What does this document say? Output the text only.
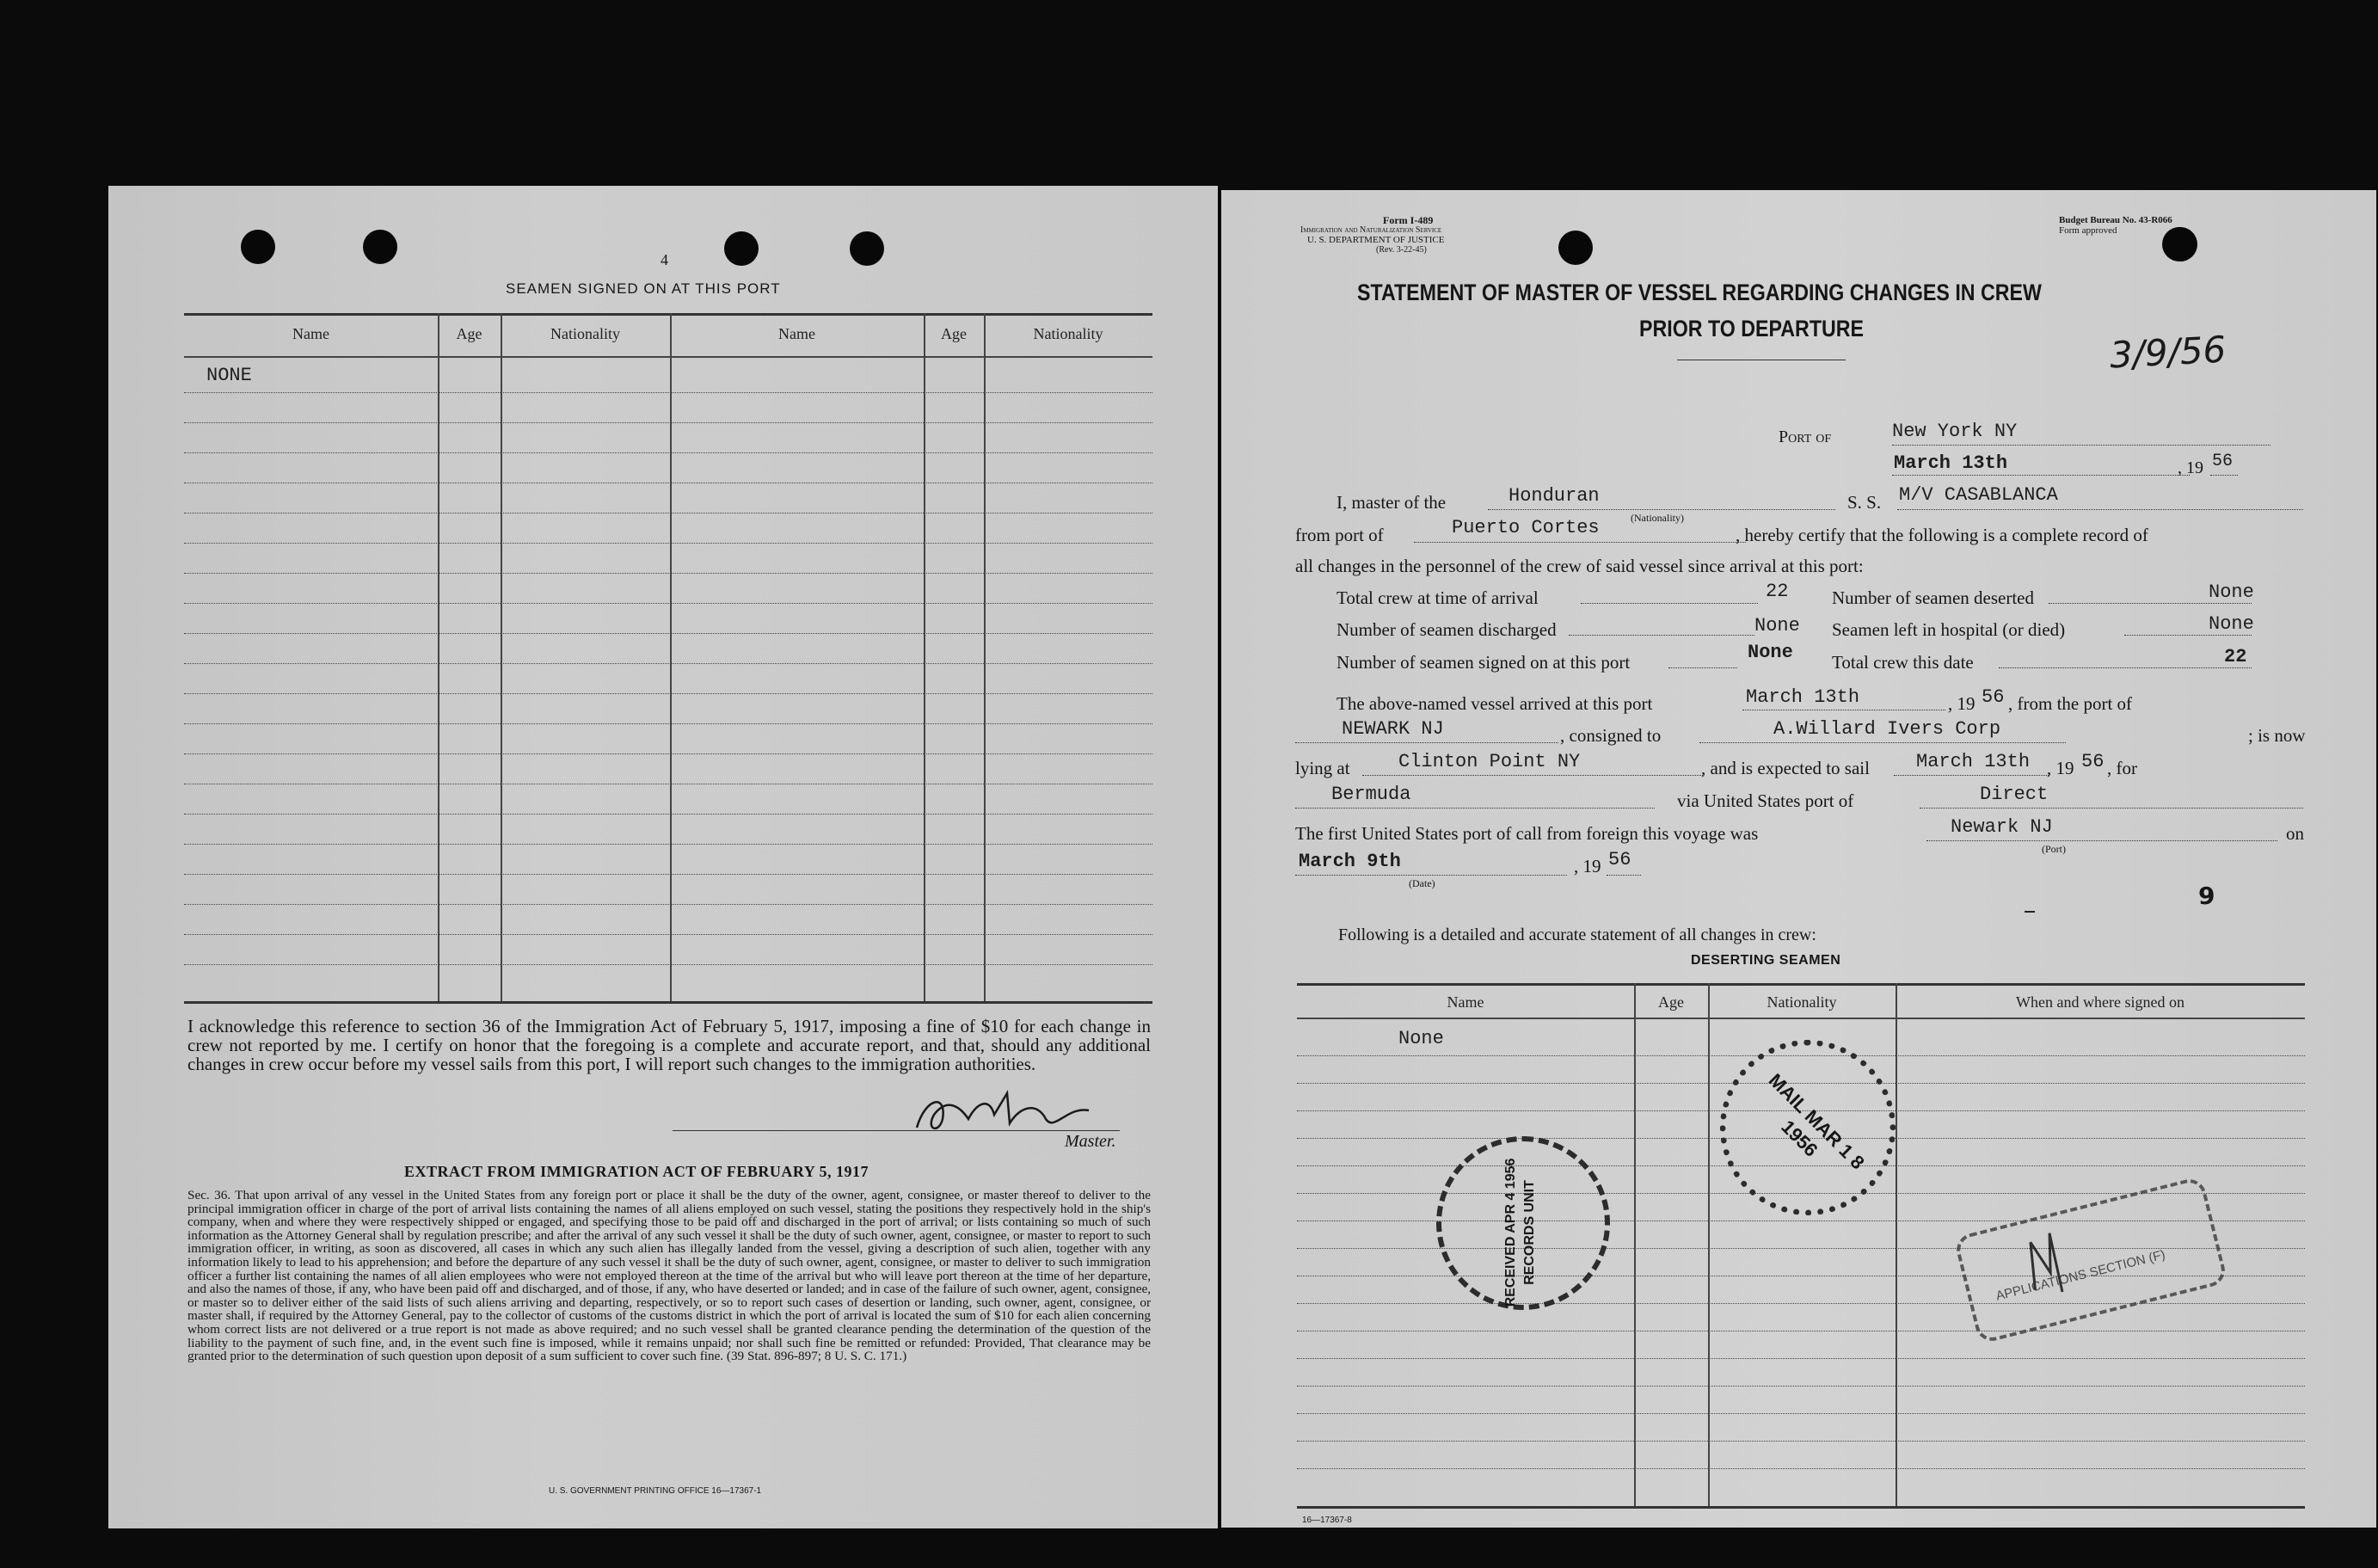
4
SEAMEN SIGNED ON AT THIS PORT
Name	Age	Nationality	Name	Age	Nationality
NONE
I acknowledge this reference to section 36 of the Immigration Act of February 5, 1917, imposing a fine of $10 for each change in crew not reported by me. I certify on honor that the foregoing is a complete and accurate report, and that, should any additional changes in crew occur before my vessel sails from this port, I will report such changes to the immigration authorities.
Master.
EXTRACT FROM IMMIGRATION ACT OF FEBRUARY 5, 1917
Sec. 36. That upon arrival of any vessel in the United States from any foreign port or place it shall be the duty of the owner, agent, consignee, or master thereof to deliver to the principal immigration officer in charge of the port of arrival lists containing the names of all aliens employed on such vessel, stating the positions they respectively hold in the ship's company, when and where they were respectively shipped or engaged, and specifying those to be paid off and discharged in the port of arrival; or lists containing so much of such information as the Attorney General shall by regulation prescribe; and after the arrival of any such vessel it shall be the duty of such owner, agent, consignee, or master to report to such immigration officer, in writing, as soon as discovered, all cases in which any such alien has illegally landed from the vessel, giving a description of such alien, together with any information likely to lead to his apprehension; and before the departure of any such vessel it shall be the duty of such owner, agent, consignee, or master to deliver to such immigration officer a further list containing the names of all alien employees who were not employed thereon at the time of the arrival but who will leave port thereon at the time of her departure, and also the names of those, if any, who have been paid off and discharged, and of those, if any, who have deserted or landed; and in case of the failure of such owner, agent, consignee, or master so to deliver either of the said lists of such aliens arriving and departing, respectively, or so to report such cases of desertion or landing, such owner, agent, consignee, or master shall, if required by the Attorney General, pay to the collector of customs of the customs district in which the port of arrival is located the sum of $10 for each alien concerning whom correct lists are not delivered or a true report is not made as above required; and no such vessel shall be granted clearance pending the determination of the question of the liability to the payment of such fine, and, in the event such fine is imposed, while it remains unpaid; nor shall such fine be remitted or refunded: Provided, That clearance may be granted prior to the determination of such question upon deposit of a sum sufficient to cover such fine. (39 Stat. 896-897; 8 U. S. C. 171.)
U. S. GOVERNMENT PRINTING OFFICE 16—17367-1
Form I-489
Immigration and Naturalization Service
U. S. DEPARTMENT OF JUSTICE
(Rev. 3-22-45)
Budget Bureau No. 43-R066
Form approved
STATEMENT OF MASTER OF VESSEL REGARDING CHANGES IN CREW
PRIOR TO DEPARTURE	3/9/56
Port of	New York NY
March 13th	, 19 56
I, master of the	Honduran
(Nationality)
S. S. M/V CASABLANCA
from port of	Puerto Cortes	, hereby certify that the following is a complete record of
all changes in the personnel of the crew of said vessel since arrival at this port:
Total crew at time of arrival	22
Number of seamen discharged	None
Number of seamen signed on at this port	None
Number of seamen deserted	None
Seamen left in hospital (or died)	None
Total crew this date	22
The above-named vessel arrived at this port	March 13th	, 19 56 , from the port of
NEWARK NJ	, consigned to	A.Willard Ivers Corp	; is now
lying at	Clinton Point NY	, and is expected to sail March 13th , 19 56 , for
Bermuda	via United States port of	Direct
The first United States port of call from foreign this voyage was	Newark NJ	on
(Port)
March 9th
(Date)
, 19 56
9
Following is a detailed and accurate statement of all changes in crew:
DESERTING SEAMEN
Name	Age	Nationality	When and where signed on
None
RECEIVED APR 4 1956 RECORDS UNIT
MAIL MAR 1 8 1956
APPLICATIONS SECTION (F)
16—17367-8
